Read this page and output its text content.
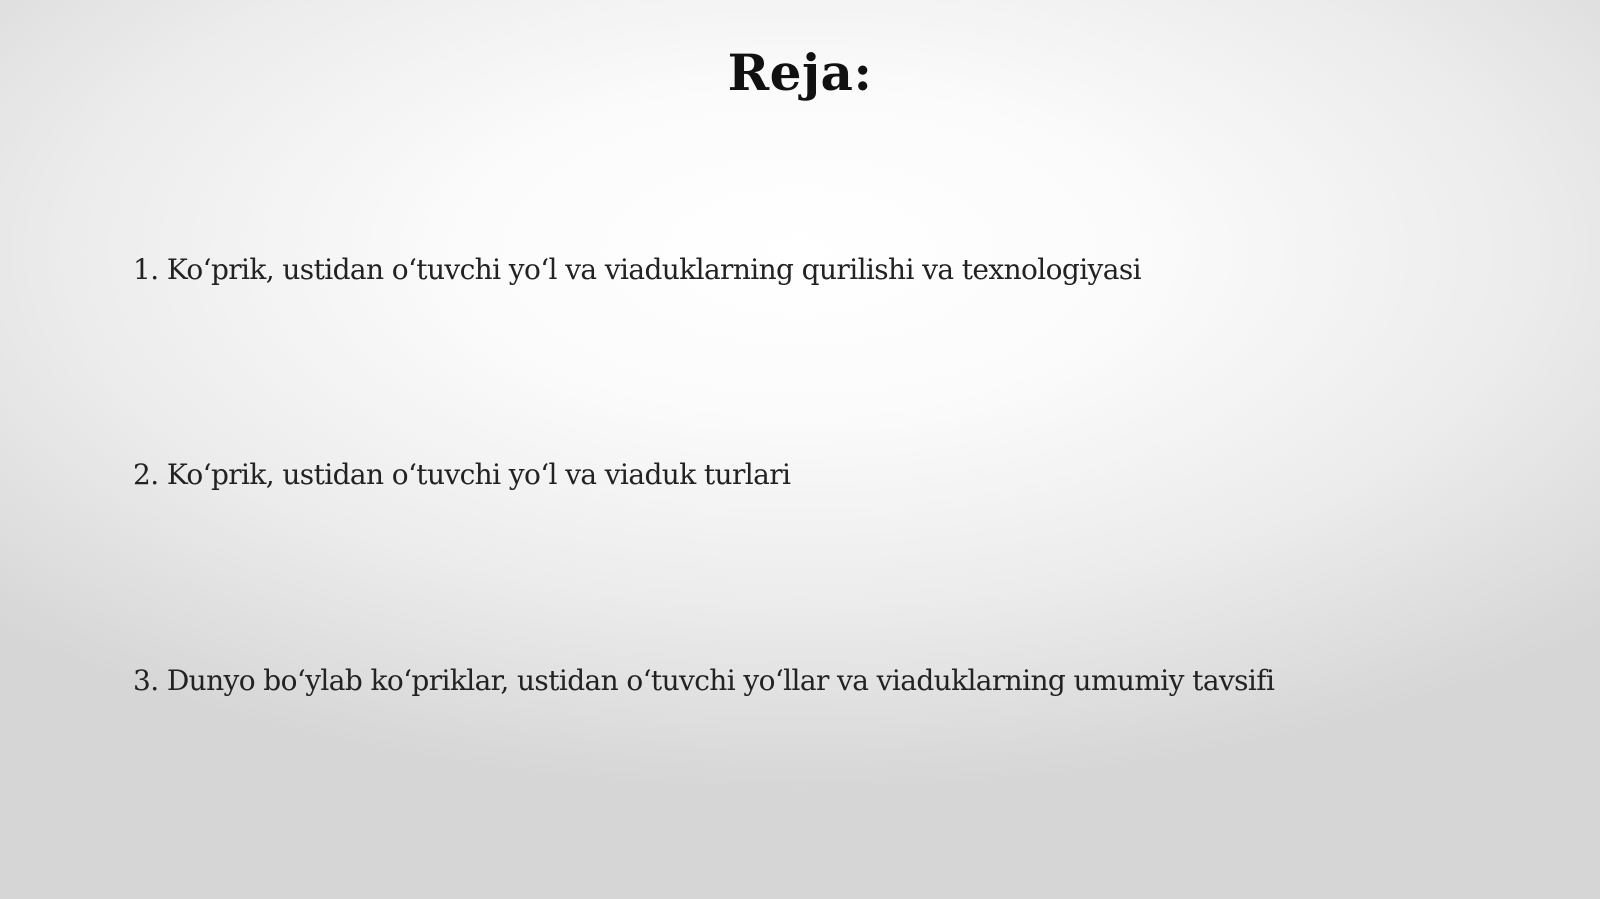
Reja:
1. Koʻprik, ustidan oʻtuvchi yoʻl va viaduklarning qurilishi va texnologiyasi
2. Koʻprik, ustidan oʻtuvchi yoʻl va viaduk turlari
3. Dunyo boʻylab koʻpriklar, ustidan oʻtuvchi yoʻllar va viaduklarning umumiy tavsifi
